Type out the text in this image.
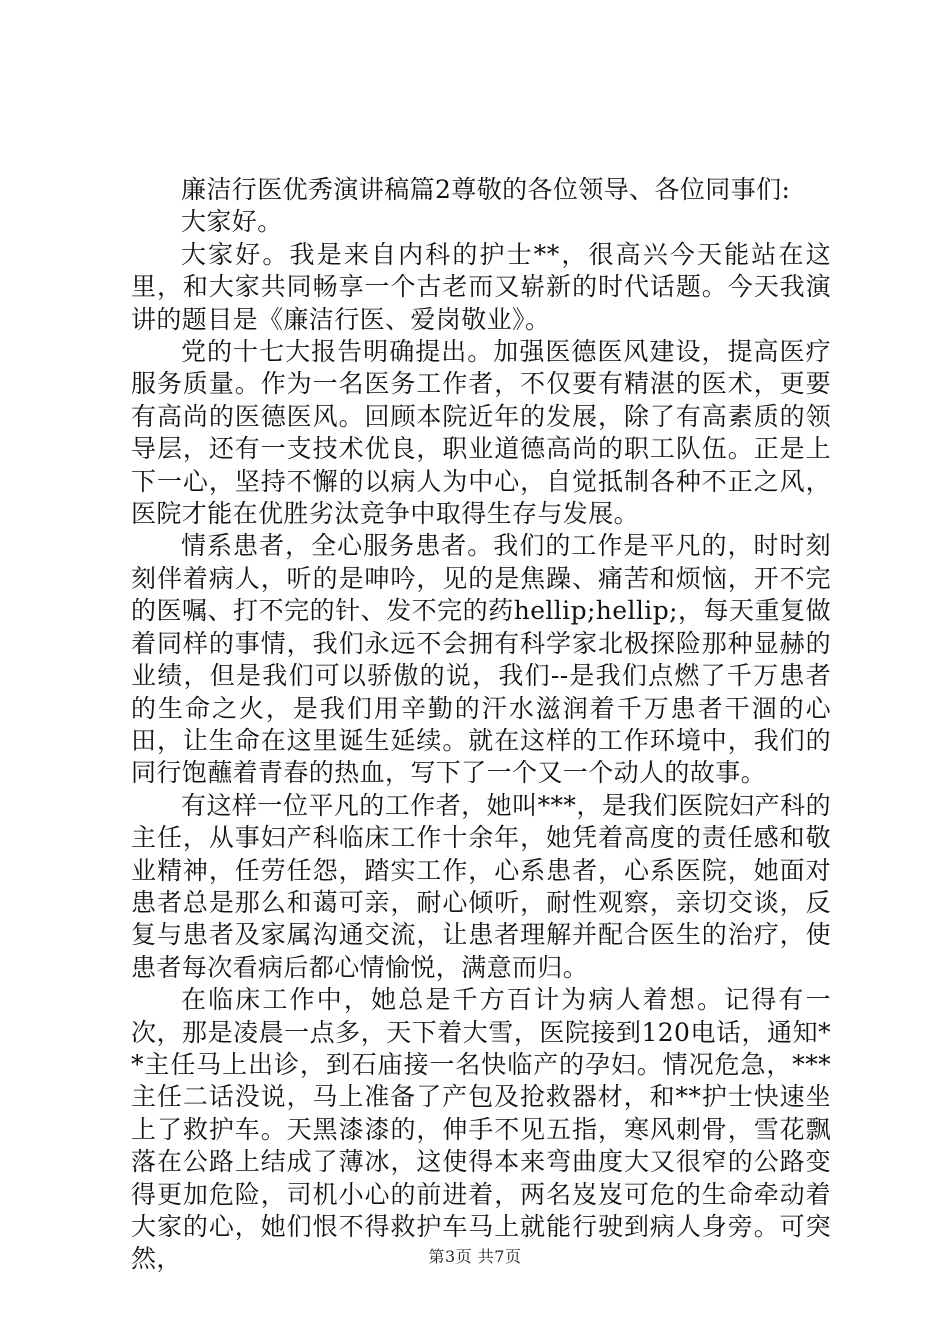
廉洁行医优秀演讲稿篇2尊敬的各位领导、各位同事们:

大家好。

大家好。我是来自内科的护士**，很高兴今天能站在这里，和大家共同畅享一个古老而又崭新的时代话题。今天我演讲的题目是《廉洁行医、爱岗敬业》。

党的十七大报告明确提出。加强医德医风建设，提高医疗服务质量。作为一名医务工作者，不仅要有精湛的医术，更要有高尚的医德医风。回顾本院近年的发展，除了有高素质的领导层，还有一支技术优良，职业道德高尚的职工队伍。正是上下一心，坚持不懈的以病人为中心，自觉抵制各种不正之风，医院才能在优胜劣汰竞争中取得生存与发展。

情系患者，全心服务患者。我们的工作是平凡的，时时刻刻伴着病人，听的是呻吟，见的是焦躁、痛苦和烦恼，开不完的医嘱、打不完的针、发不完的药hellip;hellip;，每天重复做着同样的事情，我们永远不会拥有科学家北极探险那种显赫的业绩，但是我们可以骄傲的说，我们--是我们点燃了千万患者的生命之火，是我们用辛勤的汗水滋润着千万患者干涸的心田，让生命在这里诞生延续。就在这样的工作环境中，我们的同行饱蘸着青春的热血，写下了一个又一个动人的故事。

有这样一位平凡的工作者，她叫***，是我们医院妇产科的主任，从事妇产科临床工作十余年，她凭着高度的责任感和敬业精神，任劳任怨，踏实工作，心系患者，心系医院，她面对患者总是那么和蔼可亲，耐心倾听，耐性观察，亲切交谈，反复与患者及家属沟通交流，让患者理解并配合医生的治疗，使患者每次看病后都心情愉悦，满意而归。

在临床工作中，她总是千方百计为病人着想。记得有一次，那是凌晨一点多，天下着大雪，医院接到120电话，通知**主任马上出诊，到石庙接一名快临产的孕妇。情况危急，***主任二话没说，马上准备了产包及抢救器材，和**护士快速坐上了救护车。天黑漆漆的，伸手不见五指，寒风刺骨，雪花飘落在公路上结成了薄冰，这使得本来弯曲度大又很窄的公路变得更加危险，司机小心的前进着，两名岌岌可危的生命牵动着大家的心，她们恨不得救护车马上就能行驶到病人身旁。可突然，	第3页 共7页
